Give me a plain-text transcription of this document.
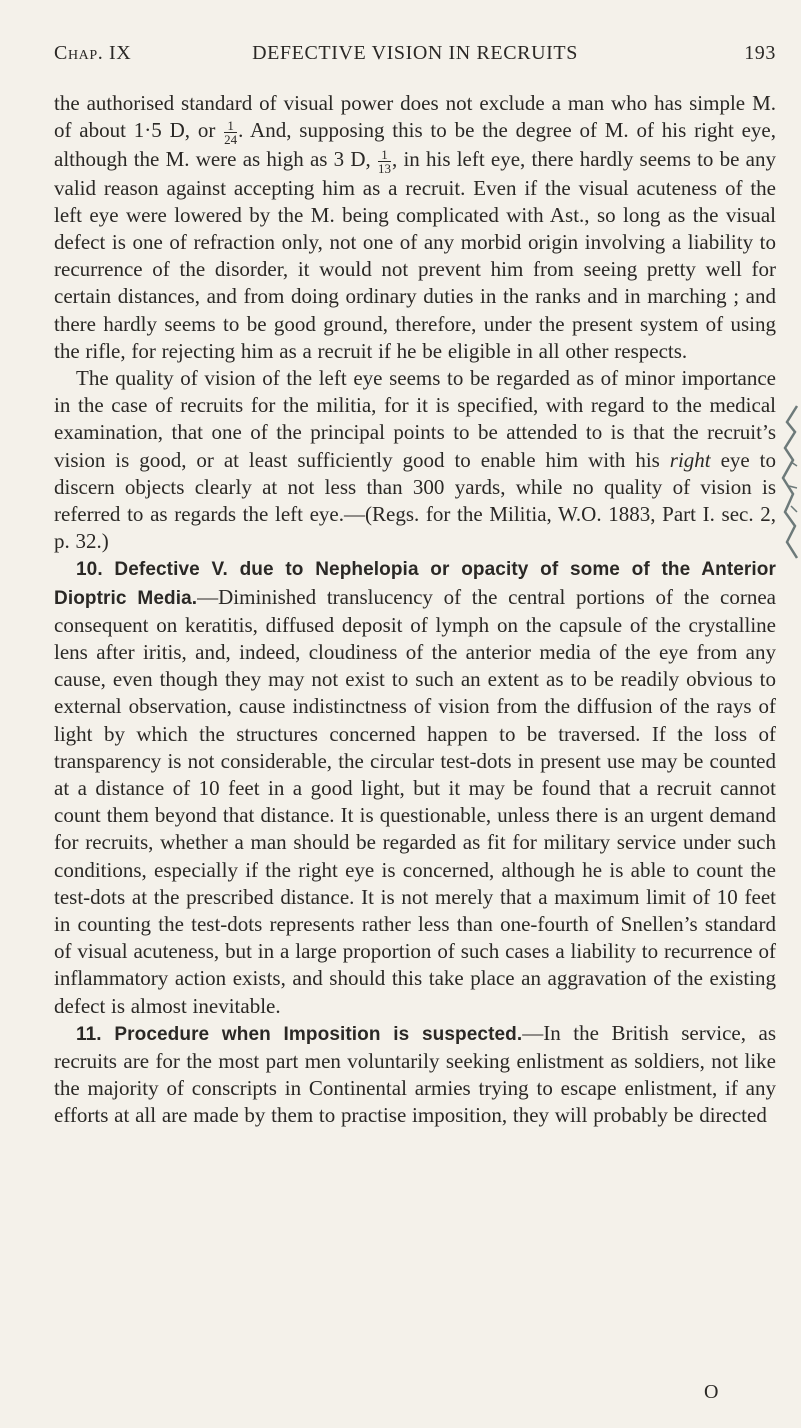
Chap. IX	DEFECTIVE VISION IN RECRUITS	193

the authorised standard of visual power does not exclude a man who has simple M. of about 1·5 D, or $\frac{1}{24}$ . And, supposing this to be the degree of M. of his right eye, although the M. were as high as 3 D, $\frac{1}{13}$ , in his left eye, there hardly seems to be any valid reason against accepting him as a recruit. Even if the visual acuteness of the left eye were lowered by the M. being complicated with Ast., so long as the visual defect is one of refraction only, not one of any morbid origin involving a liability to recurrence of the disorder, it would not prevent him from seeing pretty well for certain distances, and from doing ordinary duties in the ranks and in marching ; and there hardly seems to be good ground, therefore, under the present system of using the rifle, for rejecting him as a recruit if he be eligible in all other respects.

The quality of vision of the left eye seems to be regarded as of minor importance in the case of recruits for the militia, for it is specified, with regard to the medical examination, that one of the principal points to be attended to is that the recruit’s vision is good, or at least sufficiently good to enable him with his right eye to discern objects clearly at not less than 300 yards, while no quality of vision is referred to as regards the left eye.—(Regs. for the Militia, W.O. 1883, Part I. sec. 2, p. 32.)

10. Defective V. due to Nephelopia or opacity of some of the Anterior Dioptric Media.—Diminished translucency of the central portions of the cornea consequent on keratitis, diffused deposit of lymph on the capsule of the crystalline lens after iritis, and, indeed, cloudiness of the anterior media of the eye from any cause, even though they may not exist to such an extent as to be readily obvious to external observation, cause indistinctness of vision from the diffusion of the rays of light by which the structures concerned happen to be traversed. If the loss of transparency is not considerable, the circular test-dots in present use may be counted at a distance of 10 feet in a good light, but it may be found that a recruit cannot count them beyond that distance. It is questionable, unless there is an urgent demand for recruits, whether a man should be regarded as fit for military service under such conditions, especially if the right eye is concerned, although he is able to count the test-dots at the prescribed distance. It is not merely that a maximum limit of 10 feet in counting the test-dots represents rather less than one-fourth of Snellen’s standard of visual acuteness, but in a large proportion of such cases a liability to recurrence of inflammatory action exists, and should this take place an aggravation of the existing defect is almost inevitable.

11. Procedure when Imposition is suspected.—In the British service, as recruits are for the most part men voluntarily seeking enlistment as soldiers, not like the majority of conscripts in Continental armies trying to escape enlistment, if any efforts at all are made by them to practise imposition, they will probably be directed

O
